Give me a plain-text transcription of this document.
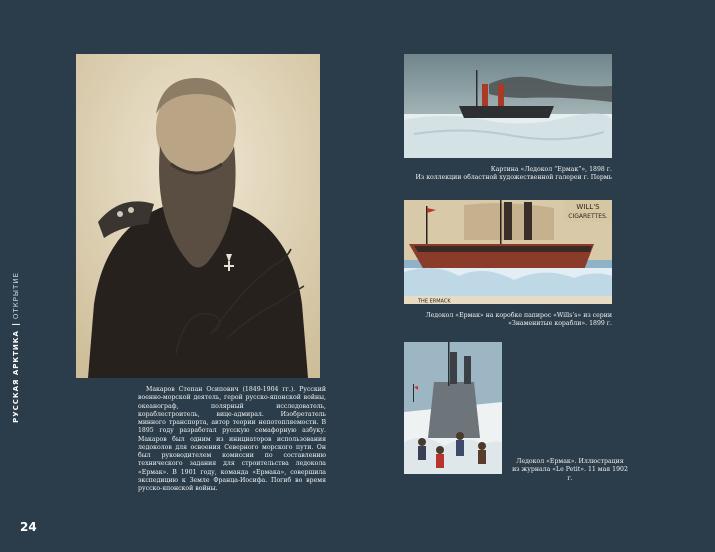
РУССКАЯ АРКТИКА
ОТКРЫТИЕ
24
Макаров Степан Осипович (1849-1904 гг.). Русский военно-морской деятель, герой русско-японской войны, океанограф, полярный исследователь, кораблестроитель, вице-адмирал. Изобретатель минного транспорта, автор теории непотопляемости. В 1895 году разработал русскую семафорную азбуку. Макаров был одним из инициаторов использования ледоколов для освоения Северного морского пути. Он был руководителем комиссии по составлению технического задания для строительства ледокола «Ермак». В 1901 году, команда «Ермака», совершила экспедицию к Земле Франца-Иосифа. Погиб во время русско-японской войны.
Картина «Ледокол “Ермак”», 1898 г.
Из коллекции областной художественной галереи г. Пермь
WILL'S
CIGARETTES.
THE ERMACK
Ледокол «Ермак» на коробке папирос «Wills’s» из серии
«Знаменитые корабли». 1899 г.
Ледокол «Ермак». Иллюстрация
из журнала «Le Petit». 11 мая 1902 г.
